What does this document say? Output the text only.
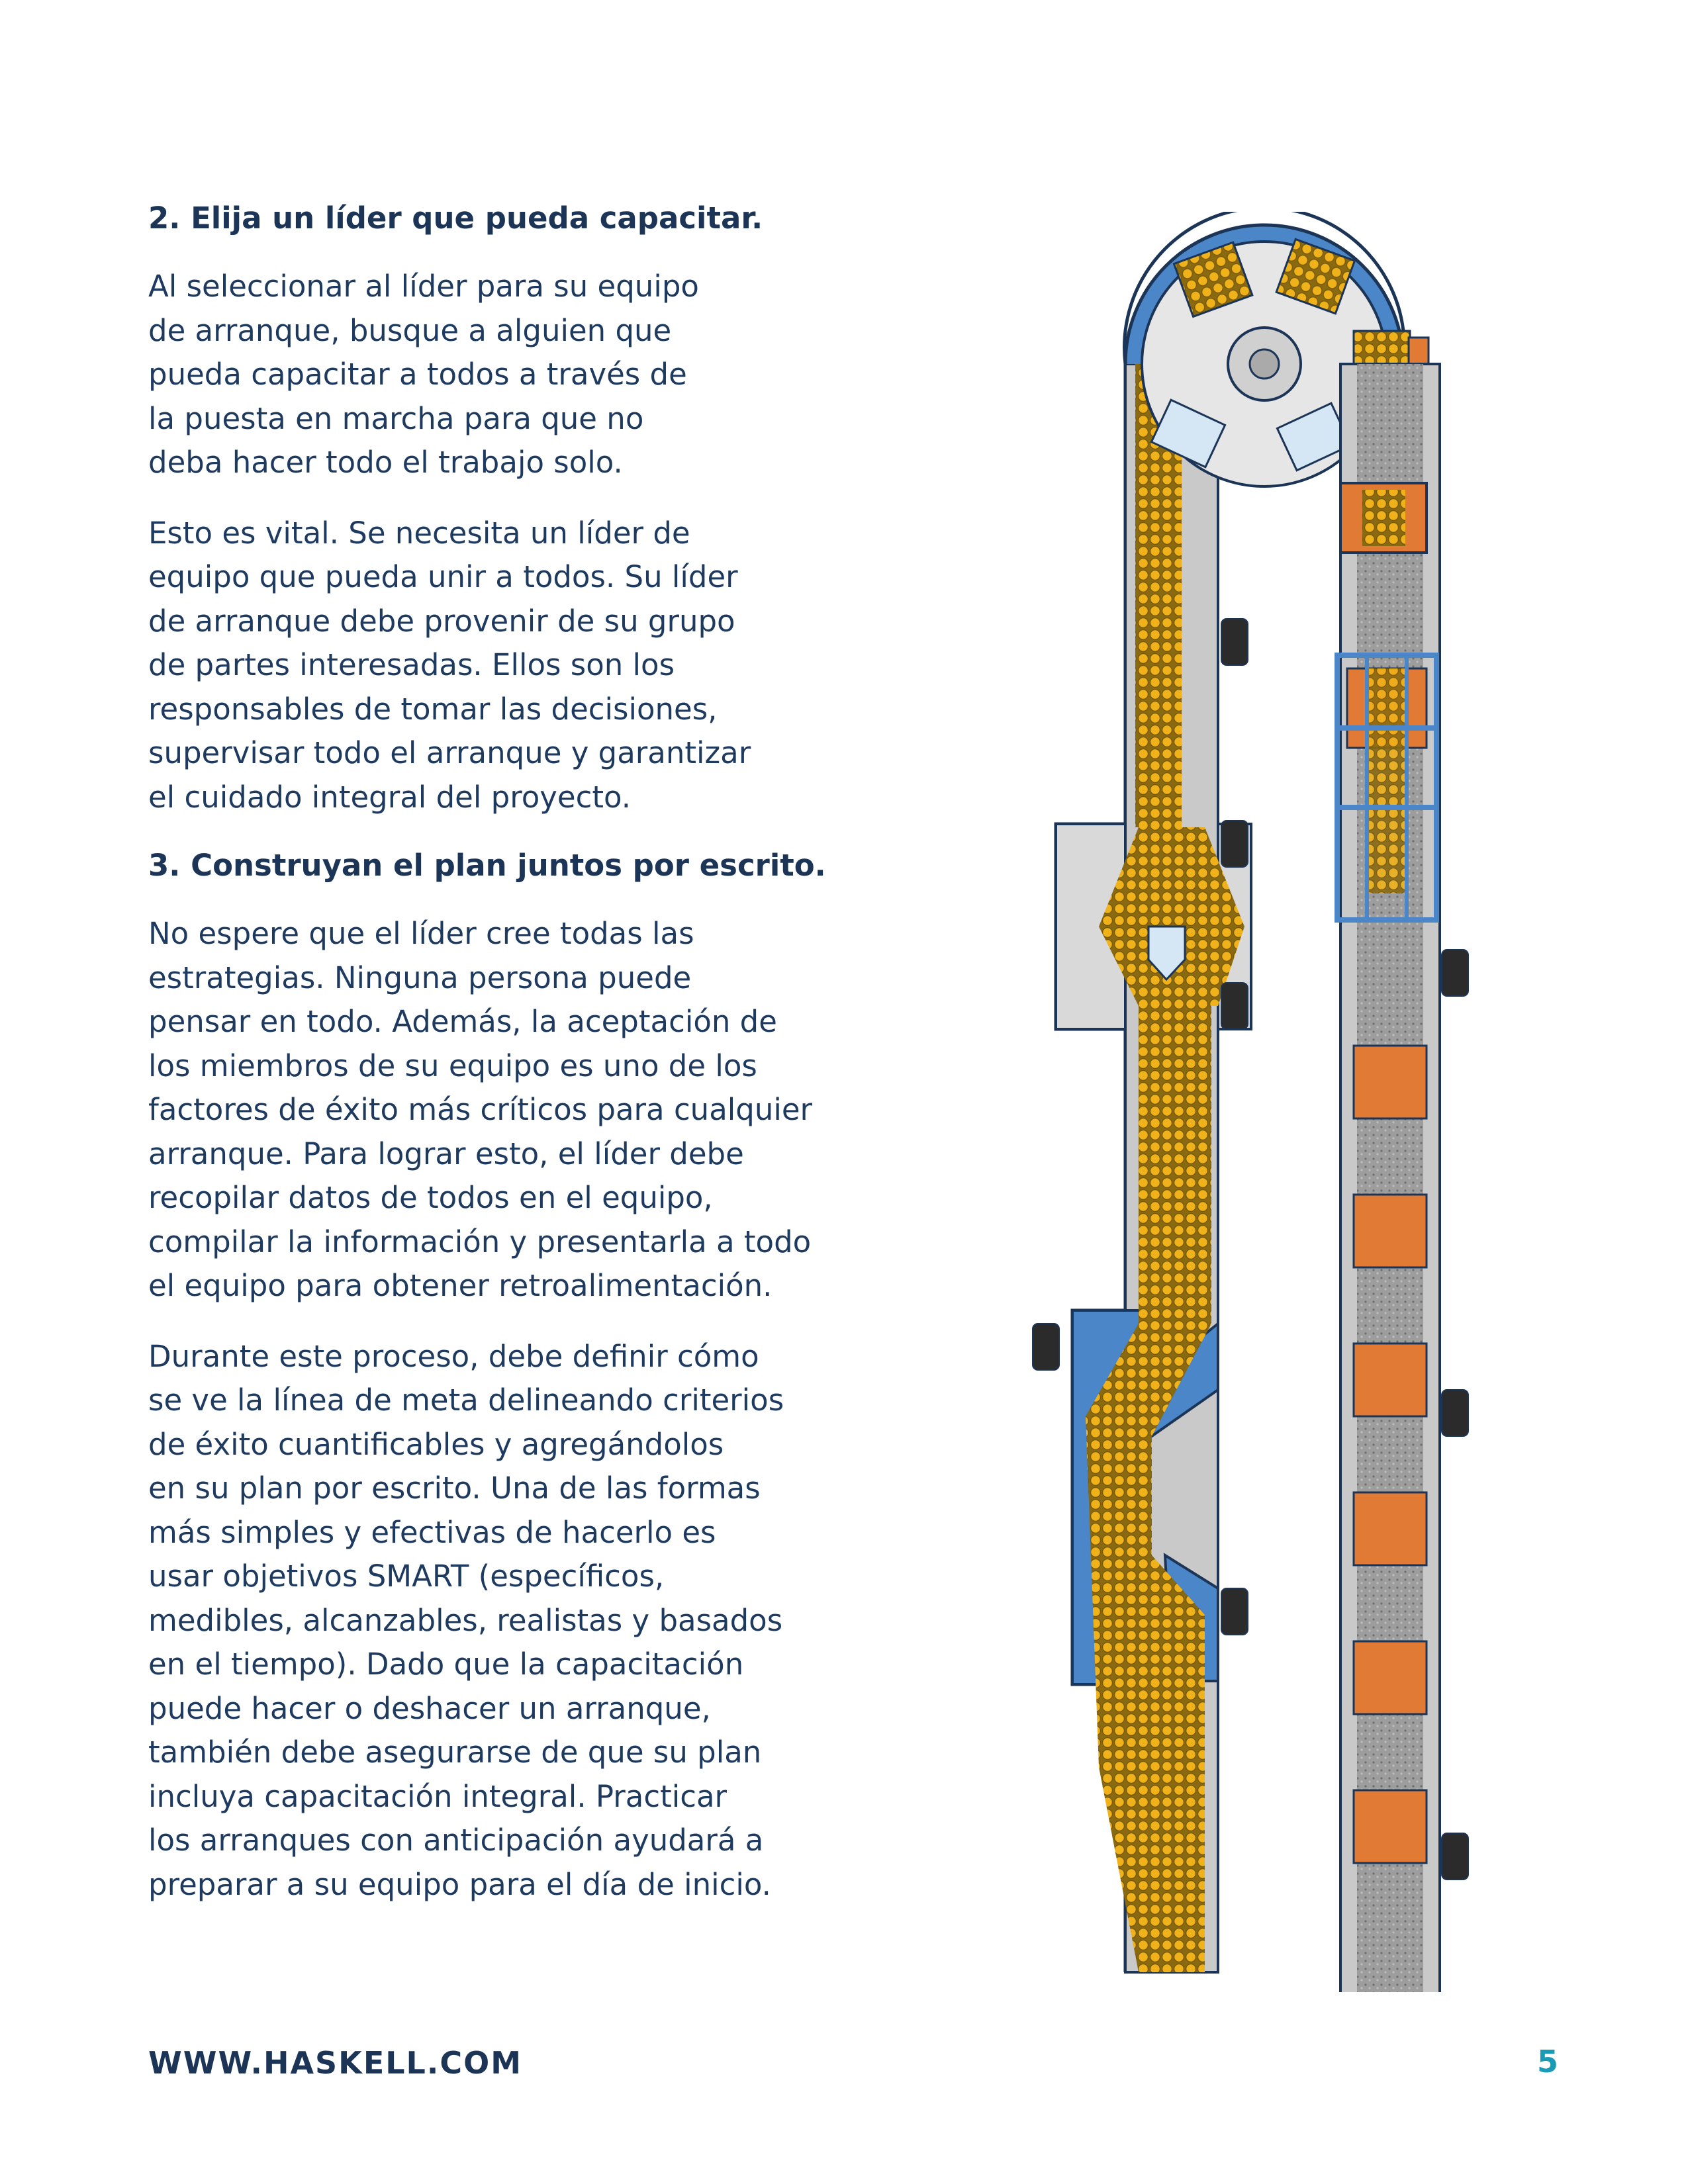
2. Elija un líder que pueda capacitar.

Al seleccionar al líder para su equipo
de arranque, busque a alguien que
pueda capacitar a todos a través de
la puesta en marcha para que no
deba hacer todo el trabajo solo.

Esto es vital. Se necesita un líder de
equipo que pueda unir a todos. Su líder
de arranque debe provenir de su grupo
de partes interesadas. Ellos son los
responsables de tomar las decisiones,
supervisar todo el arranque y garantizar
el cuidado integral del proyecto.

3. Construyan el plan juntos por escrito.

No espere que el líder cree todas las
estrategias. Ninguna persona puede
pensar en todo. Además, la aceptación de
los miembros de su equipo es uno de los
factores de éxito más críticos para cualquier
arranque. Para lograr esto, el líder debe
recopilar datos de todos en el equipo,
compilar la información y presentarla a todo
el equipo para obtener retroalimentación.

Durante este proceso, debe definir cómo
se ve la línea de meta delineando criterios
de éxito cuantificables y agregándolos
en su plan por escrito. Una de las formas
más simples y efectivas de hacerlo es
usar objetivos SMART (específicos,
medibles, alcanzables, realistas y basados
en el tiempo). Dado que la capacitación
puede hacer o deshacer un arranque,
también debe asegurarse de que su plan
incluya capacitación integral. Practicar
los arranques con anticipación ayudará a
preparar a su equipo para el día de inicio.

WWW.HASKELL.COM	5
